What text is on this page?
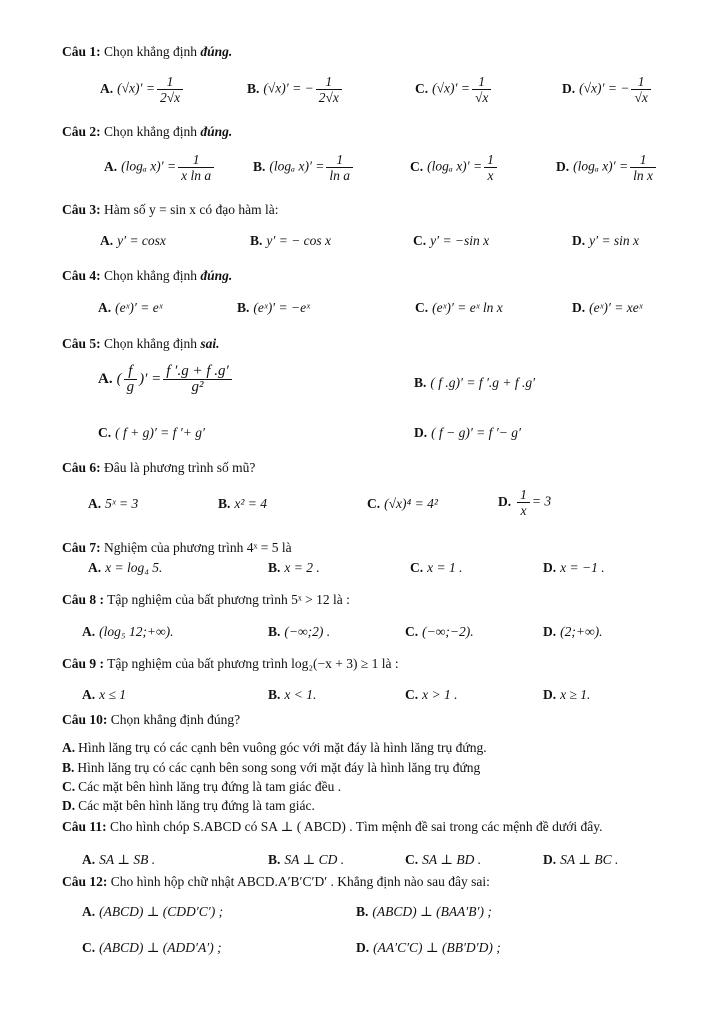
Câu 1: Chọn khẳng định đúng.
A. $(√x)' = \frac{1}{2√x}$	B. (√x)′ = − $\frac{1}{2√x}$	C. $(√x)' = \frac{1}{√x}$	D. (√x)′ = − $\frac{1}{√x}$
Câu 2: Chọn khẳng định đúng.
A. (logₐ $x)' = \frac{1}{\text{x ln a}}$	B. (logₐ $x)' = \frac{1}{\text{ln a}}$	C. (logₐ $x)' = \frac{1}{x}$	D. (logₐ $x)' = \frac{1}{\text{ln x}}$
Câu 3: Hàm số y = sin x có đạo hàm là:
A. y′ = cosx	B. y′ = − cos x	C. y′ = −sin x	D. y′ = sin x
Câu 4: Chọn khẳng định đúng.
A. (eˣ)′ = eˣ	B. (eˣ)′ = −eˣ	C. (eˣ)′ = eˣ ln x	D. (eˣ)′ = xeˣ
Câu 5: Chọn khẳng định sai.
A. ( $\frac{f}{g}$ )′ = $\frac{f '.g + f .g'}{\text{g²}}$	B. ( f .g)′ = f ′.g + f .g′
C. ( f + g)′ = f ′+ g′	D. ( f − g)′ = f ′− g′
Câu 6: Đâu là phương trình số mũ?
A. 5ˣ = 3	B. x² = 4	C. (√x)⁴ = 4²	D. $\frac{1}{x} = 3$
Câu 7: Nghiệm của phương trình 4ˣ = 5 là
A. x = log₄ 5.	B. x = 2 .	C. x = 1 .	D. x = −1 .
Câu 8 : Tập nghiệm của bất phương trình 5ˣ > 12 là :
A. (log₅ 12;+∞).	B. (−∞;2) .	C. (−∞;−2).	D. (2;+∞).
Câu 9 : Tập nghiệm của bất phương trình log₂(−x + 3) ≥ 1 là :
A. x ≤ 1	B. x < 1.	C. x > 1 .	D. x ≥ 1.
Câu 10: Chọn khẳng định đúng?
A. Hình lăng trụ có các cạnh bên vuông góc với mặt đáy là hình lăng trụ đứng.
B. Hình lăng trụ có các cạnh bên song song với mặt đáy là hình lăng trụ đứng
C. Các mặt bên hình lăng trụ đứng là tam giác đều .
D. Các mặt bên hình lăng trụ đứng là tam giác.
Câu 11: Cho hình chóp S.ABCD có SA ⊥ ( ABCD) . Tìm mệnh đề sai trong các mệnh đề dưới đây.
A. SA ⊥ SB .	B. SA ⊥ CD .	C. SA ⊥ BD .	D. SA ⊥ BC .
Câu 12: Cho hình hộp chữ nhật ABCD.A′B′C′D′ . Khẳng định nào sau đây sai:
A. (ABCD) ⊥ (CDD′C′) ;	B. (ABCD) ⊥ (BAA′B′) ;
C. (ABCD) ⊥ (ADD′A′) ;	D. (AA′C′C) ⊥ (BB′D′D) ;
